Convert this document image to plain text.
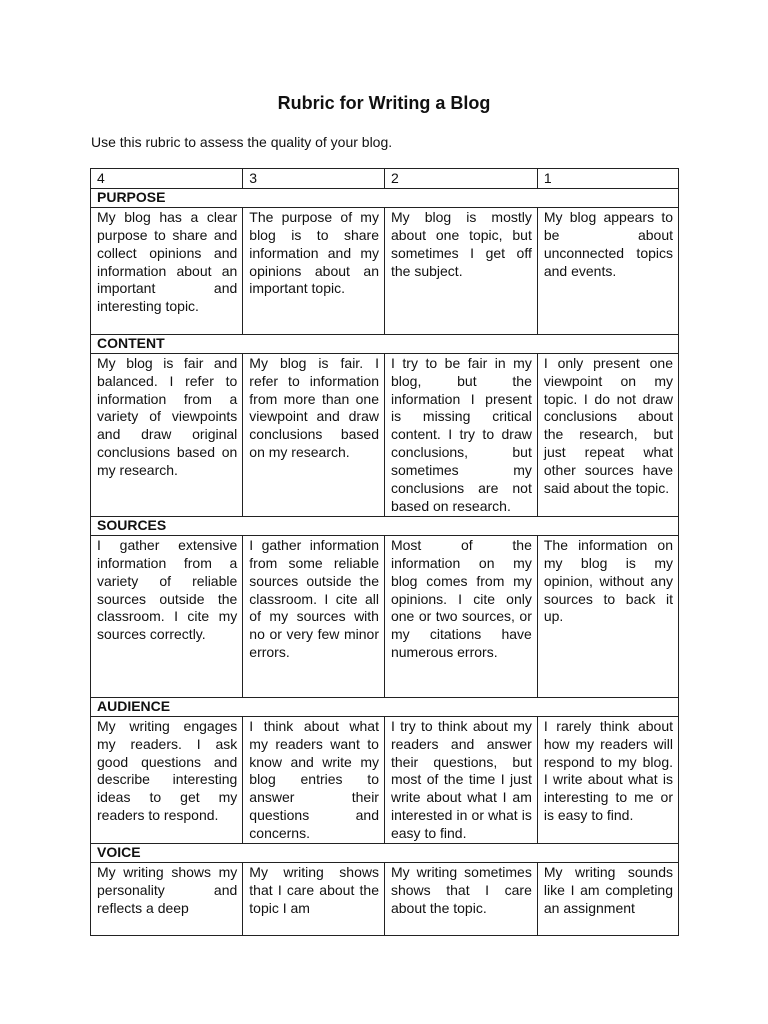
Rubric for Writing a Blog
Use this rubric to assess the quality of your blog.
4	3	2	1
PURPOSE			
My blog has a clear purpose to share and collect opinions and information about an important and interesting topic.	The purpose of my blog is to share information and my opinions about an important topic.	My blog is mostly about one topic, but sometimes I get off the subject.	My blog appears to be about unconnected topics and events.
CONTENT			
My blog is fair and balanced. I refer to information from a variety of viewpoints and draw original conclusions based on my research.	My blog is fair. I refer to information from more than one viewpoint and draw conclusions based on my research.	I try to be fair in my blog, but the information I present is missing critical content. I try to draw conclusions, but sometimes my conclusions are not based on research.	I only present one viewpoint on my topic. I do not draw conclusions about the research, but just repeat what other sources have said about the topic.
SOURCES			
I gather extensive information from a variety of reliable sources outside the classroom. I cite my sources correctly.	I gather information from some reliable sources outside the classroom. I cite all of my sources with no or very few minor errors.	Most of the information on my blog comes from my opinions. I cite only one or two sources, or my citations have numerous errors.	The information on my blog is my opinion, without any sources to back it up.
AUDIENCE			
My writing engages my readers. I ask good questions and describe interesting ideas to get my readers to respond.	I think about what my readers want to know and write my blog entries to answer their questions and concerns.	I try to think about my readers and answer their questions, but most of the time I just write about what I am interested in or what is easy to find.	I rarely think about how my readers will respond to my blog. I write about what is interesting to me or is easy to find.
VOICE			
My writing shows my personality and reflects a deep	My writing shows that I care about the topic I am	My writing sometimes shows that I care about the topic.	My writing sounds like I am completing an assignment
